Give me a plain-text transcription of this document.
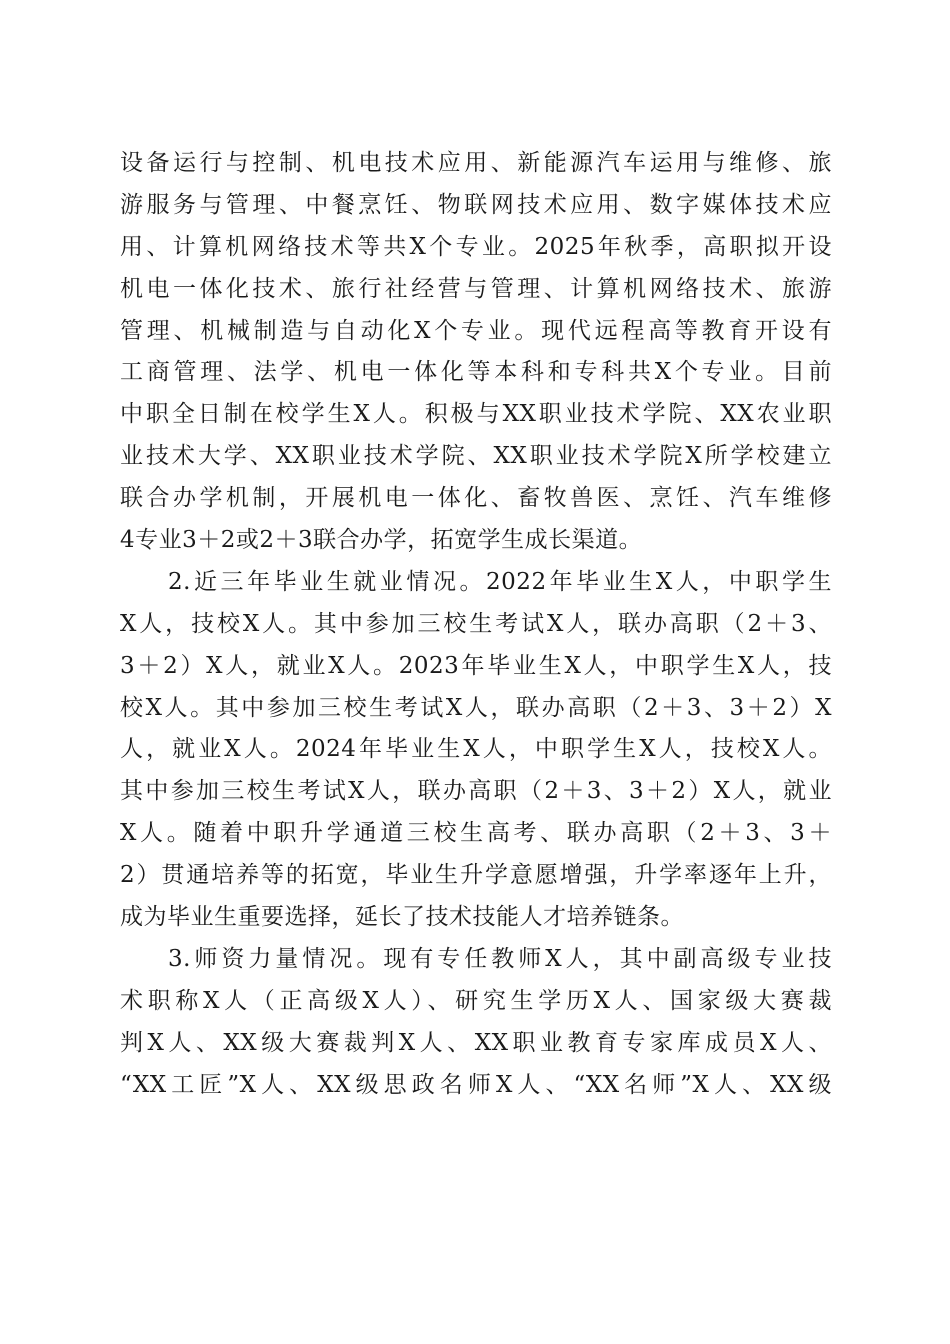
设备运行与控制、机电技术应用、新能源汽车运用与维修、旅
游服务与管理、中餐烹饪、物联网技术应用、数字媒体技术应
用、计算机网络技术等共X个专业。2025年秋季，高职拟开设
机电一体化技术、旅行社经营与管理、计算机网络技术、旅游
管理、机械制造与自动化X个专业。现代远程高等教育开设有
工商管理、法学、机电一体化等本科和专科共X个专业。目前
中职全日制在校学生X人。积极与XX职业技术学院、XX农业职
业技术大学、XX职业技术学院、XX职业技术学院X所学校建立
联合办学机制，开展机电一体化、畜牧兽医、烹饪、汽车维修
4专业3＋2或2＋3联合办学，拓宽学生成长渠道。
2.近三年毕业生就业情况。2022年毕业生X人，中职学生
X人，技校X人。其中参加三校生考试X人，联办高职（2＋3、
3＋2）X人，就业X人。2023年毕业生X人，中职学生X人，技
校X人。其中参加三校生考试X人，联办高职（2＋3、3＋2）X
人，就业X人。2024年毕业生X人，中职学生X人，技校X人。
其中参加三校生考试X人，联办高职（2＋3、3＋2）X人，就业
X人。随着中职升学通道三校生高考、联办高职（2＋3、3＋
2）贯通培养等的拓宽，毕业生升学意愿增强，升学率逐年上升，
成为毕业生重要选择，延长了技术技能人才培养链条。
3.师资力量情况。现有专任教师X人，其中副高级专业技
术职称X人（正高级X人）、研究生学历X人、国家级大赛裁
判X人、XX级大赛裁判X人、XX职业教育专家库成员X人、
“XX工匠”X人、XX级思政名师X人、“XX名师”X人、XX级
